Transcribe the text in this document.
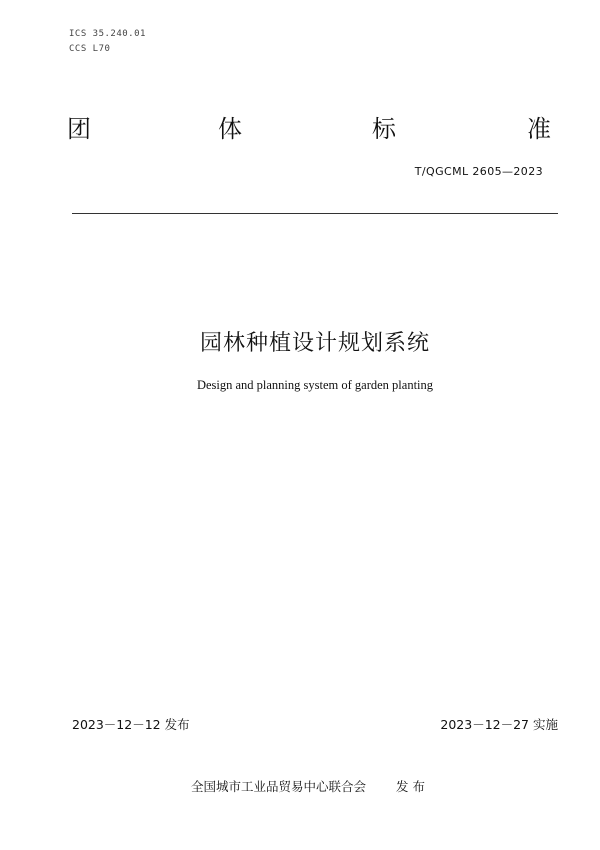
ICS 35.240.01
CCS L70
团	体	标	准
T/QGCML 2605—2023
园林种植设计规划系统
Design and planning system of garden planting
2023－12－12 发布	2023－12－27 实施
全国城市工业品贸易中心联合会 发 布
